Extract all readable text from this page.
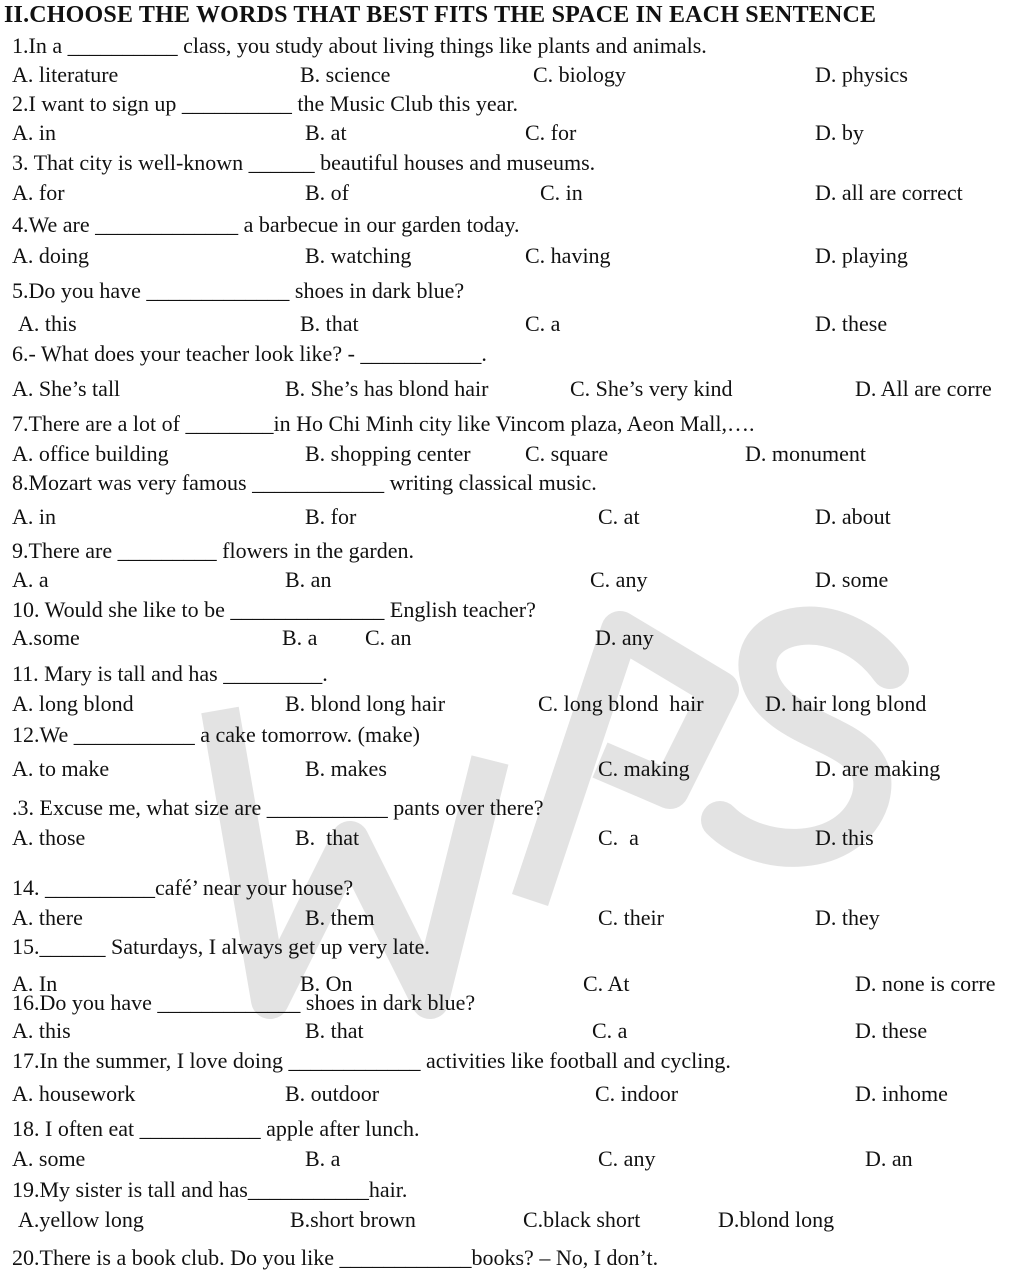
II.CHOOSE THE WORDS THAT BEST FITS THE SPACE IN EACH SENTENCE
1.In a __________ class, you study about living things like plants and animals.
A. literature	B. science	C. biology	D. physics
2.I want to sign up __________ the Music Club this year.
A. in	B. at	C. for	D. by
3. That city is well-known ______ beautiful houses and museums.
A. for	B. of	C. in	D. all are correct
4.We are _____________ a barbecue in our garden today.
A. doing	B. watching	C. having	D. playing
5.Do you have _____________ shoes in dark blue?
A. this	B. that	C. a	D. these
6.- What does your teacher look like? - ___________.
A. She’s tall	B. She’s has blond hair	C. She’s very kind	D. All are corre
7.There are a lot of ________in Ho Chi Minh city like Vincom plaza, Aeon Mall,….
A. office building	B. shopping center C. square	D. monument
8.Mozart was very famous ____________ writing classical music.
A. in	B. for	C. at	D. about
9.There are _________ flowers in the garden.
A. a	B. an	C. any	D. some
10. Would she like to be ______________ English teacher?
A.some	B. a C. an	D. any
11. Mary is tall and has _________.
A. long blond	B. blond long hair	C. long blond  hair	D. hair long blond
12.We ___________ a cake tomorrow. (make)
A. to make	B. makes	C. making	D. are making
.3. Excuse me, what size are ___________ pants over there?
A. those	B.  that	C.  a	D. this
14. __________café’ near your house?
A. there	B. them	C. their	D. they
15.______ Saturdays, I always get up very late.
A. In	B. On	C. At	D. none is corre
16.Do you have _____________ shoes in dark blue?
A. this	B. that	C. a	D. these
17.In the summer, I love doing ____________ activities like football and cycling.
A. housework	B. outdoor	C. indoor	D. inhome
18. I often eat ___________ apple after lunch.
A. some	B. a	C. any	D. an
19.My sister is tall and has___________hair.
A.yellow long	B.short brown	C.black short	D.blond long
20.There is a book club. Do you like ____________books? – No, I don’t.
